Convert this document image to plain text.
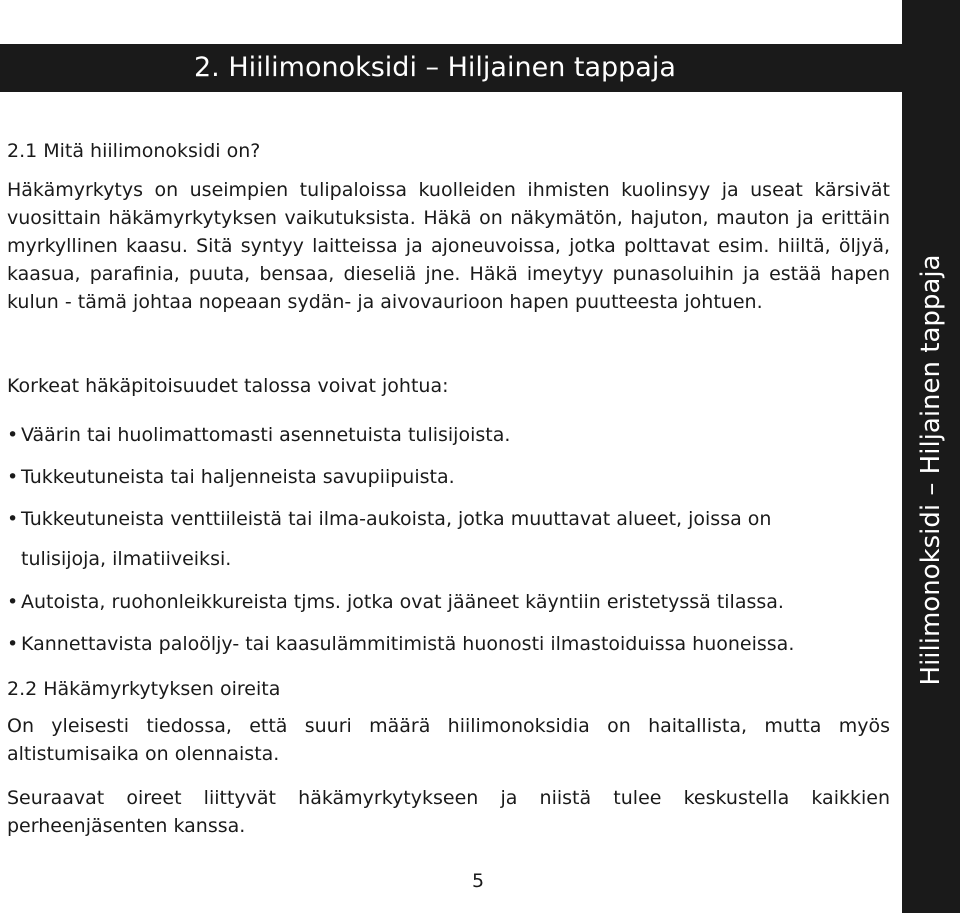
2. Hiilimonoksidi – Hiljainen tappaja
Hiilimonoksidi – Hiljainen tappaja
2.1 Mitä hiilimonoksidi on?
Häkämyrkytys on useimpien tulipaloissa kuolleiden ihmisten kuolinsyy ja useat kärsivät vuosittain häkämyrkytyksen vaikutuksista. Häkä on näkymätön, hajuton, mauton ja erittäin myrkyllinen kaasu. Sitä syntyy laitteissa ja ajoneuvoissa, jotka polttavat esim. hiiltä, öljyä, kaasua, parafinia, puuta, bensaa, dieseliä jne. Häkä imeytyy punasoluihin ja estää hapen kulun - tämä johtaa nopeaan sydän- ja aivovaurioon hapen puutteesta johtuen.
Korkeat häkäpitoisuudet talossa voivat johtua:
• Väärin tai huolimattomasti asennetuista tulisijoista.
• Tukkeutuneista tai haljenneista savupiipuista.
• Tukkeutuneista venttiileistä tai ilma-aukoista, jotka muuttavat alueet, joissa on
tulisijoja, ilmatiiveiksi.
• Autoista, ruohonleikkureista tjms. jotka ovat jääneet käyntiin eristetyssä tilassa.
• Kannettavista paloöljy- tai kaasulämmitimistä huonosti ilmastoiduissa huoneissa.
2.2 Häkämyrkytyksen oireita
On yleisesti tiedossa, että suuri määrä hiilimonoksidia on haitallista, mutta myös altistumisaika on olennaista.
Seuraavat oireet liittyvät häkämyrkytykseen ja niistä tulee keskustella kaikkien perheenjäsenten kanssa.
5
